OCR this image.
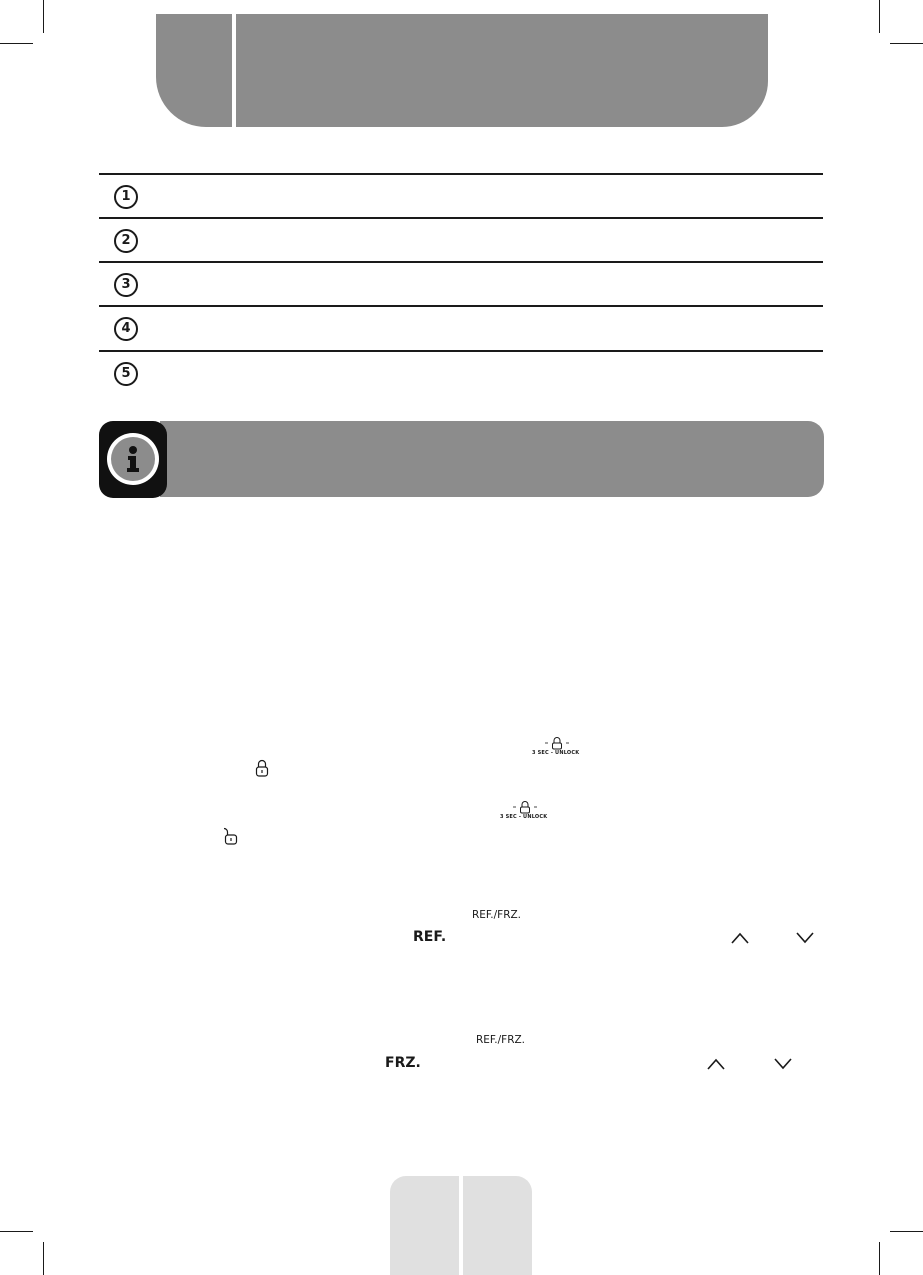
1
2
3
4
5
3 SEC - UNLOCK
3 SEC - UNLOCK
REF./FRZ.
REF.
REF./FRZ.
FRZ.
